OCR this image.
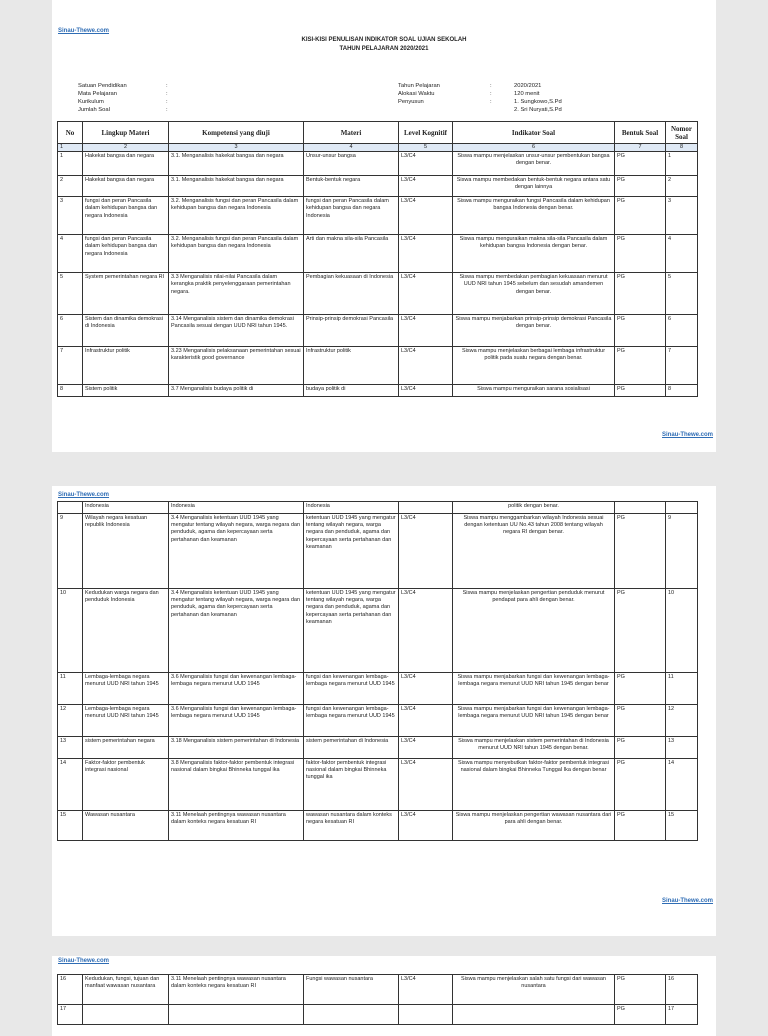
Sinau-Thewe.com
KISI-KISI PENULISAN INDIKATOR SOAL UJIAN SEKOLAH
TAHUN PELAJARAN 2020/2021
Satuan Pendidikan	:
Mata Pelajaran	:
Kurikulum	:
Jumlah Soal	:
Tahun Pelajaran	:	2020/2021
Alokasi Waktu	:	120 menit
Penyusun	:	1. Sungkowo,S.Pd
2. Sri Nuryati,S.Pd
No	Lingkup Materi	Kompetensi yang diuji	Materi	Level Kognitif	Indikator Soal	Bentuk Soal	Nomor Soal
1	2	3	4	5	6	7	8
1	Hakekat bangsa dan negara	3.1. Menganalisis hakekat bangsa dan negara	Unsur-unsur bangsa	L3/C4	Siswa mampu menjelaskan unsur-unsur pembentukan bangsa dengan benar.	PG	1
2	Hakekat bangsa dan negara	3.1. Menganalisis hakekat bangsa dan negara	Bentuk-bentuk negara	L3/C4	Siswa mampu membedakan bentuk-bentuk negara antara satu dengan lainnya	PG	2
3	fungsi dan peran Pancasila dalam kehidupan bangsa dan negara Indonesia	3.2. Menganalisis fungsi dan peran Pancasila dalam kehidupan bangsa dan negara Indonesia	fungsi dan peran Pancasila dalam kehidupan bangsa dan negara Indonesia	L3/C4	Siswa mampu menguraikan fungsi Pancasila dalam kehidupan bangsa Indonesia dengan benar.	PG	3
4	fungsi dan peran Pancasila dalam kehidupan bangsa dan negara Indonesia	3.2. Menganalisis fungsi dan peran Pancasila dalam kehidupan bangsa dan negara Indonesia	Arti dan makna sila-sila Pancasila	L3/C4	Siswa mampu menguraikan makna sila-sila Pancasila dalam kehidupan bangsa Indonesia dengan benar.	PG	4
5	System pemerintahan negara RI	3.3 Menganalisis nilai-nilai Pancasila dalam kerangka praktik penyelenggaraan pemerintahan negara.	Pembagian kekuasaan di Indonesia	L3/C4	Siswa mampu membedakan pembagian kekuasaan menurut UUD NRI tahun 1945 sebelum dan sesudah amandemen dengan benar.	PG	5
6	Sistem dan dinamika demokrasi di Indonesia	3.14 Menganalisis sistem dan dinamika demokrasi Pancasila sesuai dengan UUD NRI tahun 1945.	Prinsip-prinsip demokrasi Pancasila	L3/C4	Siswa mampu menjabarkan prinsip-prinsip demokrasi Pancasila dengan benar.	PG	6
7	Infrastruktur politik	3.23 Menganalisis pelaksanaan pemerintahan sesuai karakteristik good governance	Infrastruktur politik	L3/C4	Siswa mampu menjelaskan berbagai lembaga infrastruktur politik pada suatu negara dengan benar.	PG	7
8	Sistem politik	3.7 Menganalisis budaya politik di	budaya politik di	L3/C4	Siswa mampu menguraikan sarana sosialisasi	PG	8
Sinau-Thewe.com
Sinau-Thewe.com
	Indonesia	Indonesia	Indonesia		politik dengan benar.		
9	Wilayah negara kesatuan republik Indonesia	3.4 Menganalisis ketentuan UUD 1945 yang mengatur tentang wilayah negara, warga negara dan penduduk, agama dan kepercayaan serta pertahanan dan keamanan	ketentuan UUD 1945 yang mengatur tentang wilayah negara, warga negara dan penduduk, agama dan kepercayaan serta pertahanan dan keamanan	L3/C4	Siswa mampu menggambarkan wilayah Indonesia sesuai dengan ketentuan UU No.43 tahun 2008 tentang wilayah negara RI dengan benar.	PG	9
10	Kedudukan warga negara dan penduduk Indonesia	3.4 Menganalisis ketentuan UUD 1945 yang mengatur tentang wilayah negara, warga negara dan penduduk, agama dan kepercayaan serta pertahanan dan keamanan	ketentuan UUD 1945 yang mengatur tentang wilayah negara, warga negara dan penduduk, agama dan kepercayaan serta pertahanan dan keamanan	L3/C4	Siswa mampu menjelaskan pengertian penduduk menurut pendapat para ahli dengan benar.	PG	10
11	Lembaga-lembaga negara menurut UUD NRI tahun 1945	3.6 Menganalisis fungsi dan kewenangan lembaga-lembaga negara menurut UUD 1945	fungsi dan kewenangan lembaga-lembaga negara menurut UUD 1945	L3/C4	Siswa mampu menjabarkan fungsi dan kewenangan lembaga-lembaga negara menurut UUD NRI tahun 1945 dengan benar	PG	11
12	Lembaga-lembaga negara menurut UUD NRI tahun 1945	3.6 Menganalisis fungsi dan kewenangan lembaga-lembaga negara menurut UUD 1945	fungsi dan kewenangan lembaga-lembaga negara menurut UUD 1945	L3/C4	Siswa mampu menjabarkan fungsi dan kewenangan lembaga-lembaga negara menurut UUD NRI tahun 1945 dengan benar	PG	12
13	sistem pemerintahan negara	3.18 Menganalisis sistem pemerintahan di Indonesia	sistem pemerintahan di Indonesia	L3/C4	Siswa mampu menjelaskan sistem pemerintahan di Indonesia menurut UUD NRI tahun 1945 dengan benar.	PG	13
14	Faktor-faktor pembentuk integrasi nasional	3.8 Menganalisis faktor-faktor pembentuk integrasi nasional dalam bingkai Bhinneka tunggal ika	faktor-faktor pembentuk integrasi nasional dalam bingkai Bhinneka tunggal ika	L3/C4	Siswa mampu menyebutkan faktor-faktor pembentuk integrasi nasional dalam bingkai Bhinneka Tunggal Ika dengan benar	PG	14
15	Wawasan nusantara	3.11 Menelaah pentingnya wawasan nusantara dalam konteks negara kesatuan RI	wawasan nusantara dalam konteks negara kesatuan RI	L3/C4	Siswa mampu menjelaskan pengertian wawasan nusantara dari para ahli dengan benar.	PG	15
Sinau-Thewe.com
Sinau-Thewe.com
16	Kedudukan, fungsi, tujuan dan manfaat wawasan nusantara	3.11 Menelaah pentingnya wawasan nusantara dalam konteks negara kesatuan RI	Fungsi wawasan nusantara	L3/C4	Siswa mampu menjelaskan salah satu fungsi dari wawasan nusantara	PG	16
17						PG	17
